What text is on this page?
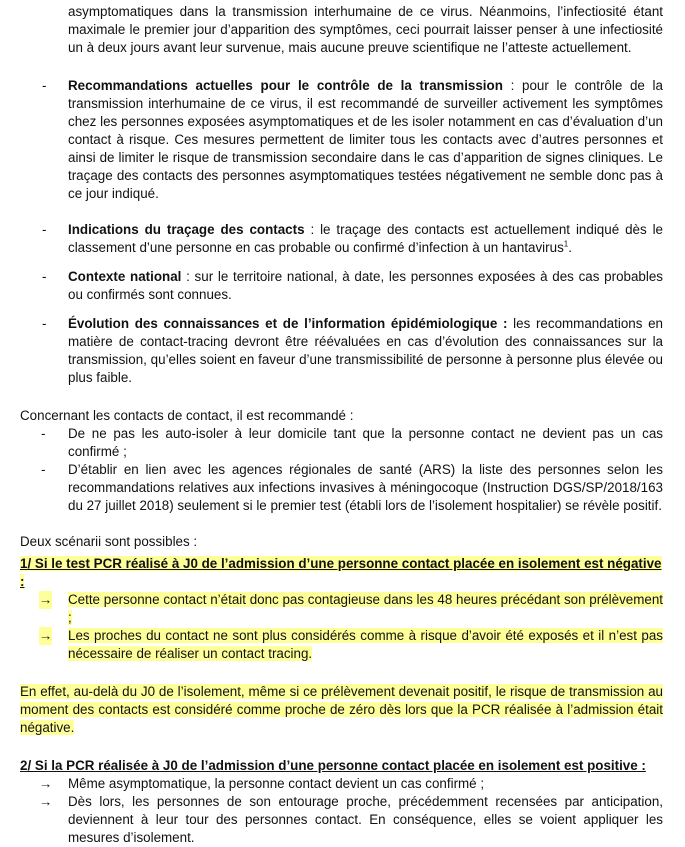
asymptomatiques dans la transmission interhumaine de ce virus. Néanmoins, l’infectiosité étant maximale le premier jour d’apparition des symptômes, ceci pourrait laisser penser à une infectiosité un à deux jours avant leur survenue, mais aucune preuve scientifique ne l’atteste actuellement.

- Recommandations actuelles pour le contrôle de la transmission : pour le contrôle de la transmission interhumaine de ce virus, il est recommandé de surveiller activement les symptômes chez les personnes exposées asymptomatiques et de les isoler notamment en cas d’évaluation d’un contact à risque. Ces mesures permettent de limiter tous les contacts avec d’autres personnes et ainsi de limiter le risque de transmission secondaire dans le cas d’apparition de signes cliniques. Le traçage des contacts des personnes asymptomatiques testées négativement ne semble donc pas à ce jour indiqué.
- Indications du traçage des contacts : le traçage des contacts est actuellement indiqué dès le classement d’une personne en cas probable ou confirmé d’infection à un hantavirus$^1$.
- Contexte national : sur le territoire national, à date, les personnes exposées à des cas probables ou confirmés sont connues.
- Évolution des connaissances et de l’information épidémiologique : les recommandations en matière de contact-tracing devront être réévaluées en cas d’évolution des connaissances sur la transmission, qu’elles soient en faveur d’une transmissibilité de personne à personne plus élevée ou plus faible.

Concernant les contacts de contact, il est recommandé :

- De ne pas les auto-isoler à leur domicile tant que la personne contact ne devient pas un cas confirmé ;
- D’établir en lien avec les agences régionales de santé (ARS) la liste des personnes selon les recommandations relatives aux infections invasives à méningocoque (Instruction DGS/SP/2018/163 du 27 juillet 2018) seulement si le premier test (établi lors de l’isolement hospitalier) se révèle positif.

Deux scénarii sont possibles :

1/ Si le test PCR réalisé à J0 de l’admission d’une personne contact placée en isolement est négative :

→ Cette personne contact n’était donc pas contagieuse dans les 48 heures précédant son prélèvement ;
→ Les proches du contact ne sont plus considérés comme à risque d’avoir été exposés et il n’est pas nécessaire de réaliser un contact tracing.

En effet, au-delà du J0 de l’isolement, même si ce prélèvement devenait positif, le risque de transmission au moment des contacts est considéré comme proche de zéro dès lors que la PCR réalisée à l’admission était négative.

2/ Si la PCR réalisée à J0 de l’admission d’une personne contact placée en isolement est positive :

→ Même asymptomatique, la personne contact devient un cas confirmé ;
→ Dès lors, les personnes de son entourage proche, précédemment recensées par anticipation, deviennent à leur tour des personnes contact. En conséquence, elles se voient appliquer les mesures d’isolement.
